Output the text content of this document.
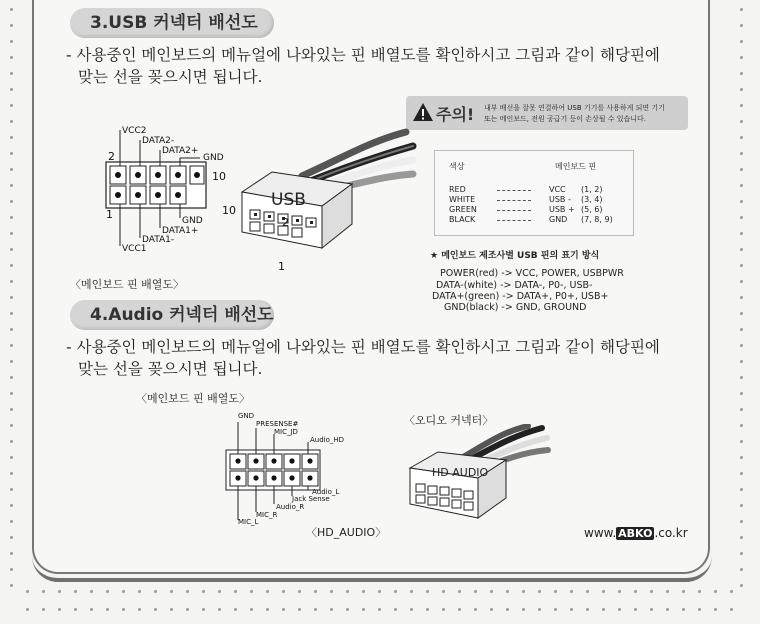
3.USB 커넥터 배선도
- 사용중인 메인보드의 메뉴얼에 나와있는 핀 배열도를 확인하시고 그림과 같이 해당핀에
맞는 선을 꽂으시면 됩니다.
주의! 내부 배선을 잘못 연결하여 USB 기기를 사용하게 되면 기기
또는 메인보드, 전원 공급기 등이 손상될 수 있습니다.
VCC2
DATA2-
DATA2+
GND
GND
DATA1+
DATA1-
VCC1
2
10
1
USB
10
2
1
〈메인보드 핀 배열도〉
색상	메인보드 핀
RED	VCC (1, 2)
WHITE	USB - (3, 4)
GREEN	USB + (5, 6)
BLACK	GND (7, 8, 9)
★ 메인보드 제조사별 USB 핀의 표기 방식
POWER(red) -> VCC, POWER, USBPWR
DATA-(white) -> DATA-, P0-, USB-
DATA+(green) -> DATA+, P0+, USB+
GND(black) -> GND, GROUND
4.Audio 커넥터 배선도
- 사용중인 메인보드의 메뉴얼에 나와있는 핀 배열도를 확인하시고 그림과 같이 해당핀에
맞는 선을 꽂으시면 됩니다.
〈메인보드 핀 배열도〉
〈오디오 커넥터〉
GND
PRESENSE#
MIC_JD
Audio_HD
Audio_L
Jack Sense
Audio_R
MIC_R
MIC_L
HD AUDIO
〈HD_AUDIO〉	www. ABKO .co.kr
